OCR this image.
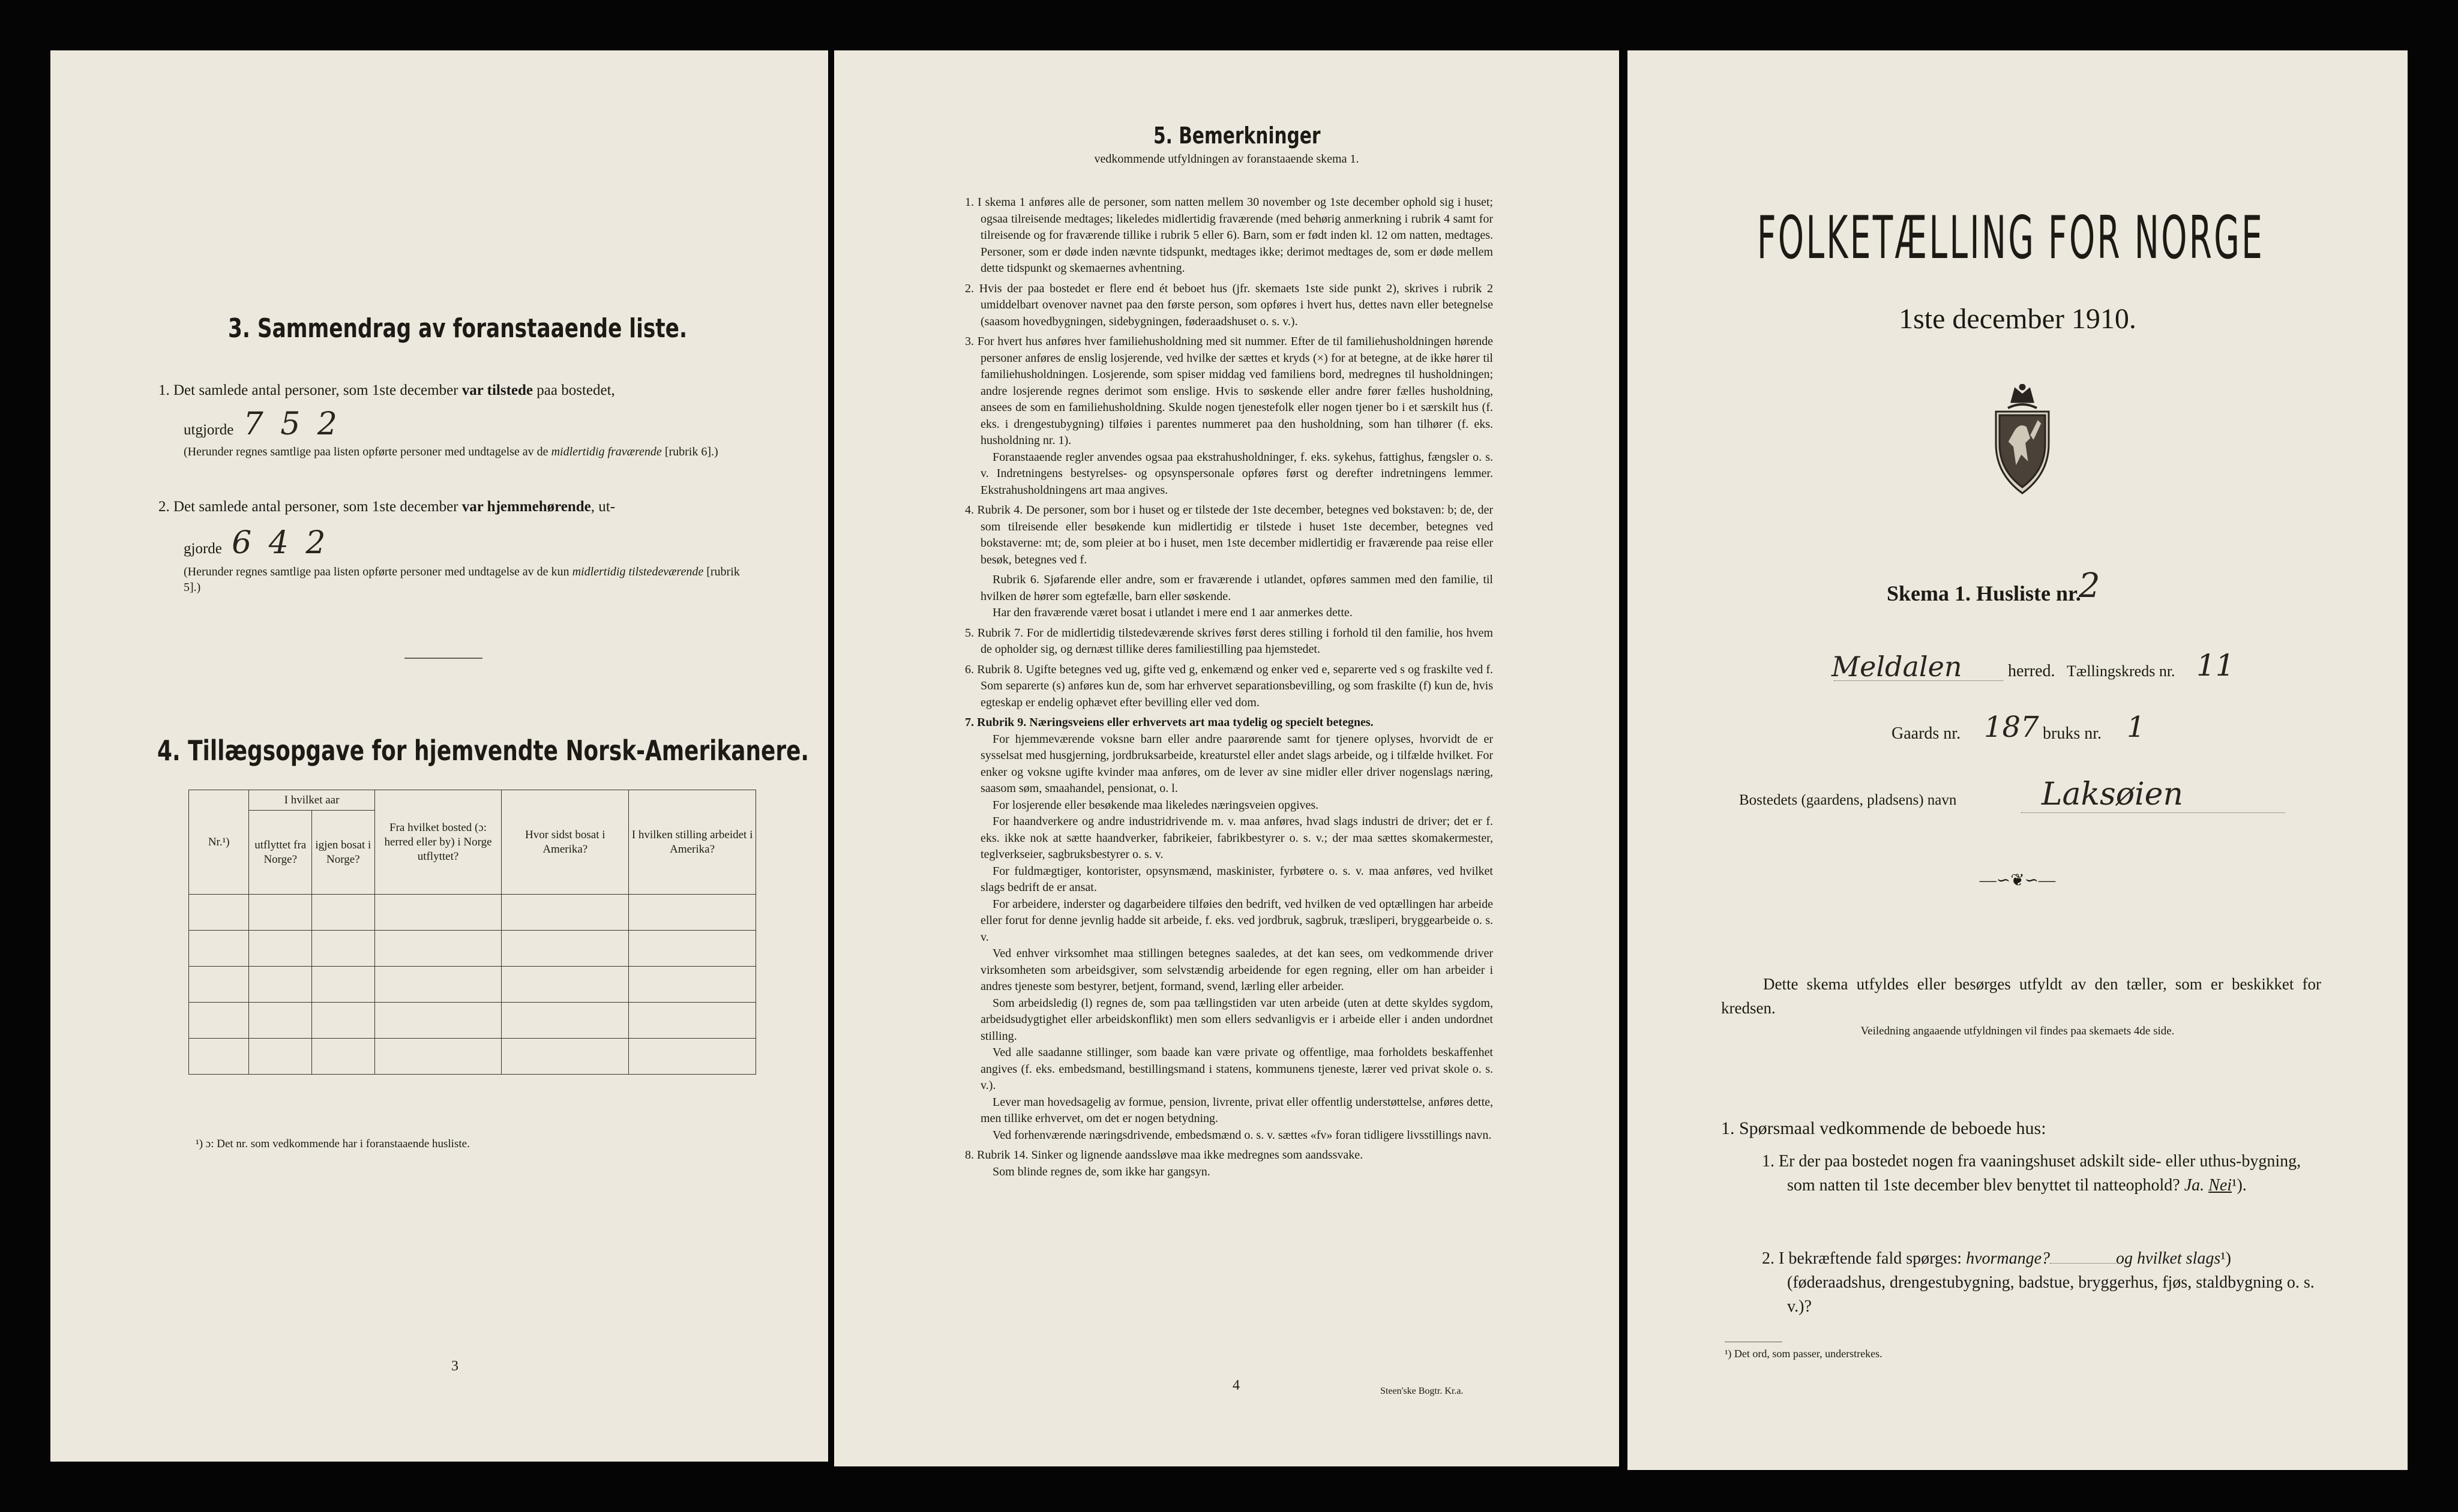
3. Sammendrag av foranstaaende liste.
1. Det samlede antal personer, som 1ste december var tilstede paa bostedet,
utgjorde 7 5 2
(Herunder regnes samtlige paa listen opførte personer med undtagelse av de midlertidig fraværende [rubrik 6].)
2. Det samlede antal personer, som 1ste december var hjemmehørende, ut-
gjorde 6 4 2
(Herunder regnes samtlige paa listen opførte personer med undtagelse av de kun midlertidig tilstedeværende [rubrik 5].)
4. Tillægsopgave for hjemvendte Norsk-Amerikanere.
Nr.¹)	I hvilket aar		Fra hvilket bosted (ɔ: herred eller by) i Norge utflyttet?	Hvor sidst bosat i Amerika?	I hvilken stilling arbeidet i Amerika?
	utflyttet fra Norge?	igjen bosat i Norge?			

¹) ɔ: Det nr. som vedkommende har i foranstaaende husliste.
3
5. Bemerkninger
vedkommende utfyldningen av foranstaaende skema 1.
1. I skema 1 anføres alle de personer, som natten mellem 30 november og 1ste december ophold sig i huset; ogsaa tilreisende medtages; likeledes midlertidig fraværende (med behørig anmerkning i rubrik 4 samt for tilreisende og for fraværende tillike i rubrik 5 eller 6). Barn, som er født inden kl. 12 om natten, medtages. Personer, som er døde inden nævnte tidspunkt, medtages ikke; derimot medtages de, som er døde mellem dette tidspunkt og skemaernes avhentning.
2. Hvis der paa bostedet er flere end ét beboet hus (jfr. skemaets 1ste side punkt 2), skrives i rubrik 2 umiddelbart ovenover navnet paa den første person, som opføres i hvert hus, dettes navn eller betegnelse (saasom hovedbygningen, sidebygningen, føderaadshuset o. s. v.).
3. For hvert hus anføres hver familiehusholdning med sit nummer. Efter de til familiehusholdningen hørende personer anføres de enslig losjerende, ved hvilke der sættes et kryds (×) for at betegne, at de ikke hører til familiehusholdningen. Losjerende, som spiser middag ved familiens bord, medregnes til husholdningen; andre losjerende regnes derimot som enslige. Hvis to søskende eller andre fører fælles husholdning, ansees de som en familiehusholdning. Skulde nogen tjenestefolk eller nogen tjener bo i et særskilt hus (f. eks. i drengestubygning) tilføies i parentes nummeret paa den husholdning, som han tilhører (f. eks. husholdning nr. 1).
Foranstaaende regler anvendes ogsaa paa ekstrahusholdninger, f. eks. sykehus, fattighus, fængsler o. s. v. Indretningens bestyrelses- og opsynspersonale opføres først og derefter indretningens lemmer. Ekstrahusholdningens art maa angives.
4. Rubrik 4. De personer, som bor i huset og er tilstede der 1ste december, betegnes ved bokstaven: b; de, der som tilreisende eller besøkende kun midlertidig er tilstede i huset 1ste december, betegnes ved bokstaverne: mt; de, som pleier at bo i huset, men 1ste december midlertidig er fraværende paa reise eller besøk, betegnes ved f.
Rubrik 6. Sjøfarende eller andre, som er fraværende i utlandet, opføres sammen med den familie, til hvilken de hører som egtefælle, barn eller søskende.
Har den fraværende været bosat i utlandet i mere end 1 aar anmerkes dette.
5. Rubrik 7. For de midlertidig tilstedeværende skrives først deres stilling i forhold til den familie, hos hvem de opholder sig, og dernæst tillike deres familiestilling paa hjemstedet.
6. Rubrik 8. Ugifte betegnes ved ug, gifte ved g, enkemænd og enker ved e, separerte ved s og fraskilte ved f. Som separerte (s) anføres kun de, som har erhvervet separationsbevilling, og som fraskilte (f) kun de, hvis egteskap er endelig ophævet efter bevilling eller ved dom.
7. Rubrik 9. Næringsveiens eller erhvervets art maa tydelig og specielt betegnes.
For hjemmeværende voksne barn eller andre paarørende samt for tjenere oplyses, hvorvidt de er sysselsat med husgjerning, jordbruksarbeide, kreaturstel eller andet slags arbeide, og i tilfælde hvilket. For enker og voksne ugifte kvinder maa anføres, om de lever av sine midler eller driver nogenslags næring, saasom søm, smaahandel, pensionat, o. l.
For losjerende eller besøkende maa likeledes næringsveien opgives.
For haandverkere og andre industridrivende m. v. maa anføres, hvad slags industri de driver; det er f. eks. ikke nok at sætte haandverker, fabrikeier, fabrikbestyrer o. s. v.; der maa sættes skomakermester, teglverkseier, sagbruksbestyrer o. s. v.
For fuldmægtiger, kontorister, opsynsmænd, maskinister, fyrbøtere o. s. v. maa anføres, ved hvilket slags bedrift de er ansat.
For arbeidere, inderster og dagarbeidere tilføies den bedrift, ved hvilken de ved optællingen har arbeide eller forut for denne jevnlig hadde sit arbeide, f. eks. ved jordbruk, sagbruk, træsliperi, bryggearbeide o. s. v.
Ved enhver virksomhet maa stillingen betegnes saaledes, at det kan sees, om vedkommende driver virksomheten som arbeidsgiver, som selvstændig arbeidende for egen regning, eller om han arbeider i andres tjeneste som bestyrer, betjent, formand, svend, lærling eller arbeider.
Som arbeidsledig (l) regnes de, som paa tællingstiden var uten arbeide (uten at dette skyldes sygdom, arbeidsudygtighet eller arbeidskonflikt) men som ellers sedvanligvis er i arbeide eller i anden undordnet stilling.
Ved alle saadanne stillinger, som baade kan være private og offentlige, maa forholdets beskaffenhet angives (f. eks. embedsmand, bestillingsmand i statens, kommunens tjeneste, lærer ved privat skole o. s. v.).
Lever man hovedsagelig av formue, pension, livrente, privat eller offentlig understøttelse, anføres dette, men tillike erhvervet, om det er nogen betydning.
Ved forhenværende næringsdrivende, embedsmænd o. s. v. sættes «fv» foran tidligere livsstillings navn.
8. Rubrik 14. Sinker og lignende aandssløve maa ikke medregnes som aandssvake.
Som blinde regnes de, som ikke har gangsyn.
4	Steen'ske Bogtr. Kr.a.
FOLKETÆLLING FOR NORGE
1ste december 1910.
Skema 1. Husliste nr.
2
Meldalen	herred. Tællingskreds nr. 11
Gaards nr. 187 bruks nr. 1
Bostedets (gaardens, pladsens) navn	Laksøien
—∽❦∽—
Dette skema utfyldes eller besørges utfyldt av den tæller, som er beskikket for kredsen.
Veiledning angaaende utfyldningen vil findes paa skemaets 4de side.
1. Spørsmaal vedkommende de beboede hus:
1. Er der paa bostedet nogen fra vaaningshuset adskilt side- eller uthus-bygning, som natten til 1ste december blev benyttet til natteophold? Ja. Nei¹).
2. I bekræftende fald spørges: hvormange?	og hvilket slags¹) (føderaadshus, drengestubygning, badstue, bryggerhus, fjøs, staldbygning o. s. v.)?
¹) Det ord, som passer, understrekes.
